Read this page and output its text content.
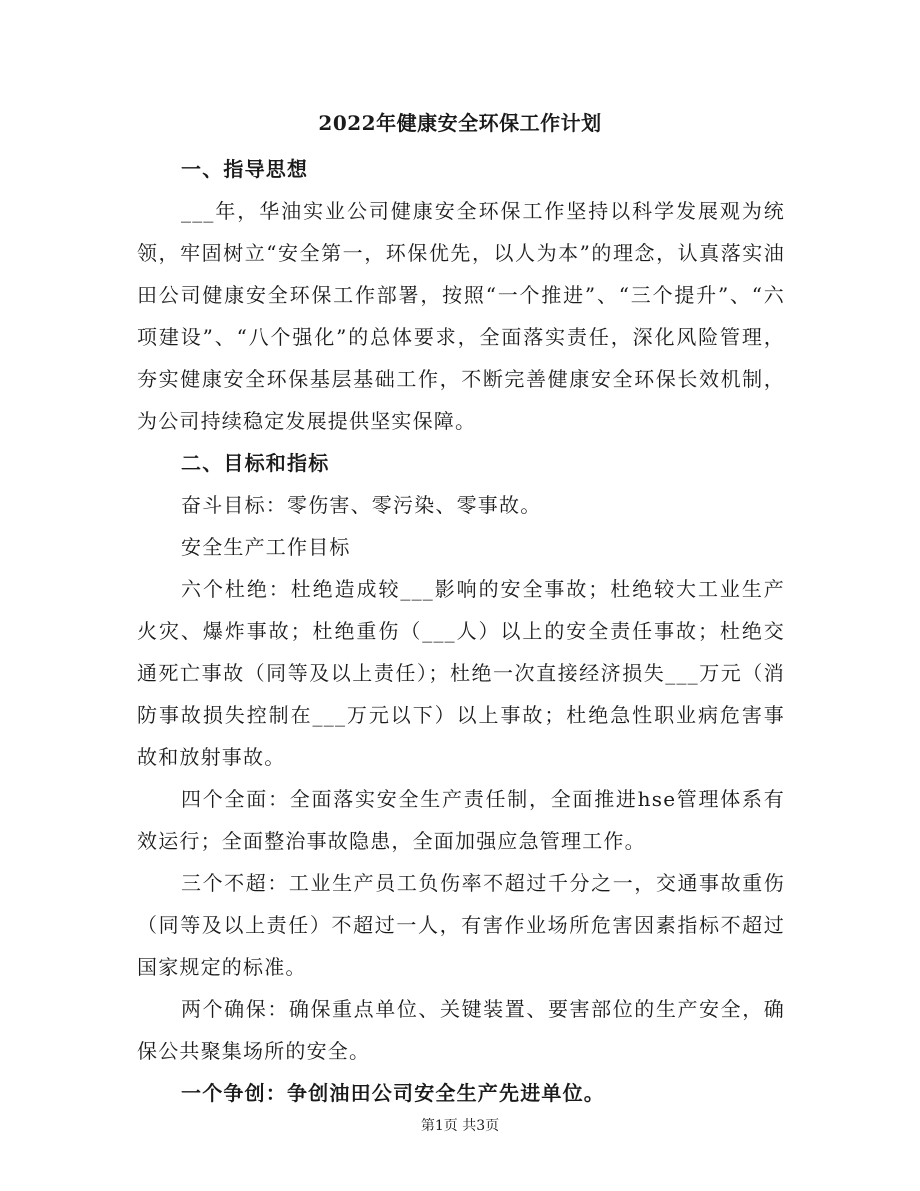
2022年健康安全环保工作计划

一、指导思想

___年，华油实业公司健康安全环保工作坚持以科学发展观为统领，牢固树立“安全第一，环保优先，以人为本”的理念，认真落实油田公司健康安全环保工作部署，按照“一个推进”、“三个提升”、“六项建设”、“八个强化”的总体要求，全面落实责任，深化风险管理，夯实健康安全环保基层基础工作，不断完善健康安全环保长效机制，为公司持续稳定发展提供坚实保障。

二、目标和指标

奋斗目标：零伤害、零污染、零事故。

安全生产工作目标

六个杜绝：杜绝造成较___影响的安全事故；杜绝较大工业生产火灾、爆炸事故；杜绝重伤（___人）以上的安全责任事故；杜绝交通死亡事故（同等及以上责任）；杜绝一次直接经济损失___万元（消防事故损失控制在___万元以下）以上事故；杜绝急性职业病危害事故和放射事故。

四个全面：全面落实安全生产责任制，全面推进hse管理体系有效运行；全面整治事故隐患，全面加强应急管理工作。

三个不超：工业生产员工负伤率不超过千分之一，交通事故重伤（同等及以上责任）不超过一人，有害作业场所危害因素指标不超过国家规定的标准。

两个确保：确保重点单位、关键装置、要害部位的生产安全，确保公共聚集场所的安全。

一个争创：争创油田公司安全生产先进单位。

第1页 共3页
